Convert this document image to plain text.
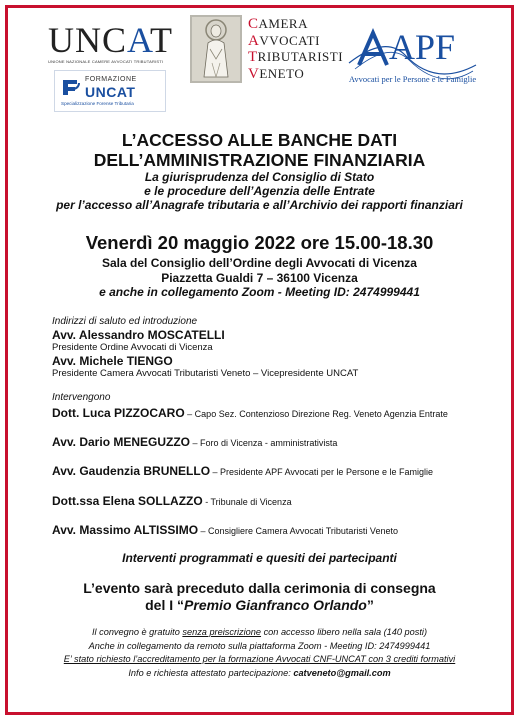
UNCAT
UNIONE NAZIONALE CAMERE AVVOCATI TRIBUTARISTI
FORMAZIONE
UNCAT
Specializzazione Forense Tributaria
CAMERA
AVVOCATI
TRIBUTARISTI
VENETO
APF
Avvocati per le Persone e le Famiglie
L’ACCESSO ALLE BANCHE DATI
DELL’AMMINISTRAZIONE FINANZIARIA
La giurisprudenza del Consiglio di Stato
e le procedure dell’Agenzia delle Entrate
per l’accesso all’Anagrafe tributaria e all’Archivio dei rapporti finanziari
Venerdì 20 maggio 2022 ore 15.00-18.30
Sala del Consiglio dell’Ordine degli Avvocati di Vicenza
Piazzetta Gualdi 7 – 36100 Vicenza
e anche in collegamento Zoom - Meeting ID: 2474999441
Indirizzi di saluto ed introduzione
Avv. Alessandro MOSCATELLI
Presidente Ordine Avvocati di Vicenza
Avv. Michele TIENGO
Presidente Camera Avvocati Tributaristi Veneto – Vicepresidente UNCAT
Intervengono
Dott. Luca PIZZOCARO – Capo Sez. Contenzioso Direzione Reg. Veneto Agenzia Entrate
Avv. Dario MENEGUZZO – Foro di Vicenza - amministrativista
Avv. Gaudenzia BRUNELLO – Presidente APF Avvocati per le Persone e le Famiglie
Dott.ssa Elena SOLLAZZO - Tribunale di Vicenza
Avv. Massimo ALTISSIMO – Consigliere Camera Avvocati Tributaristi Veneto
Interventi programmati e quesiti dei partecipanti
L’evento sarà preceduto dalla cerimonia di consegna
del I “Premio Gianfranco Orlando”
Il convegno è gratuito senza preiscrizione con accesso libero nella sala (140 posti)
Anche in collegamento da remoto sulla piattaforma Zoom - Meeting ID: 2474999441
E’ stato richiesto l’accreditamento per la formazione Avvocati CNF-UNCAT con 3 crediti formativi
Info e richiesta attestato partecipazione: catveneto@gmail.com
